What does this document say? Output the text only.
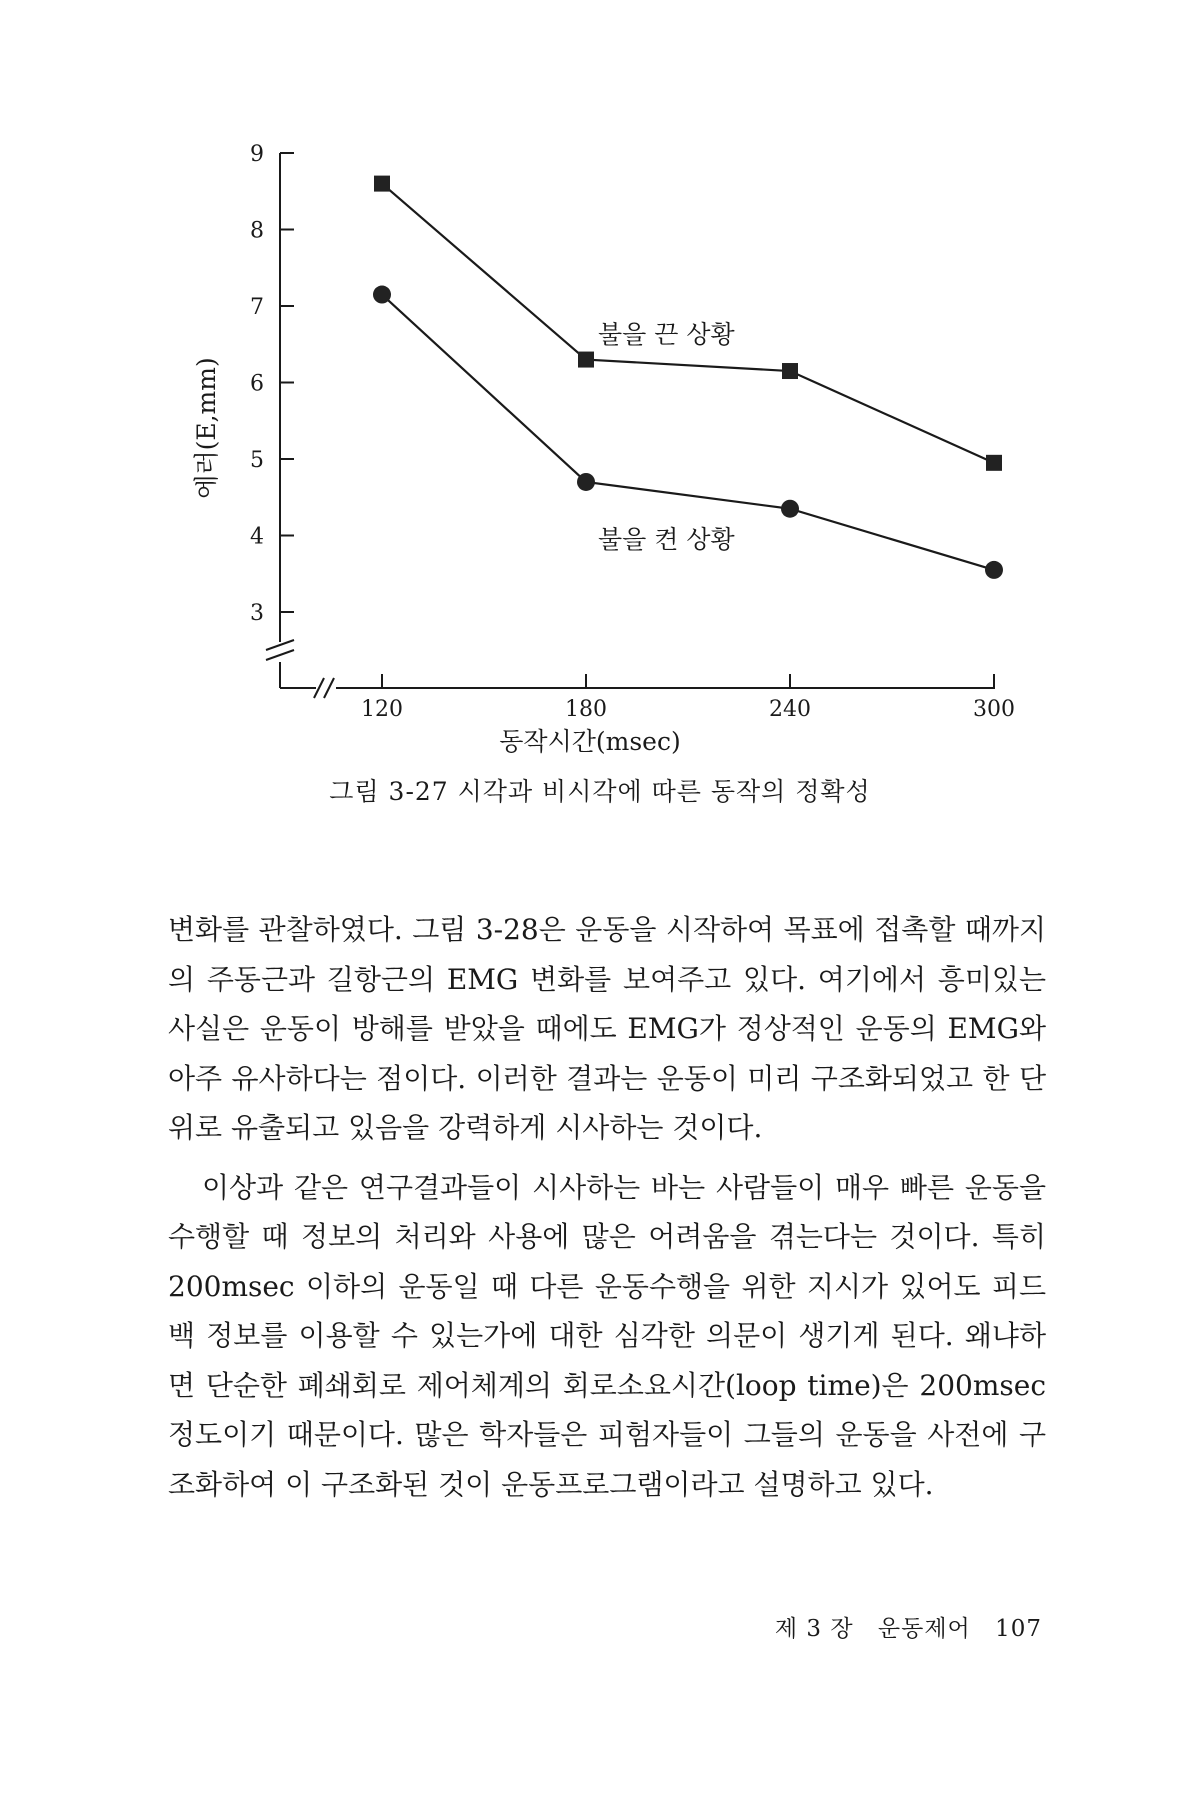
3
4
5
6
7
8
9
120	180	240	300
에러(E,mm)
동작시간(msec)
불을 끈 상황
불을 켠 상황
그림 3-27 시각과 비시각에 따른 동작의 정확성

변화를 관찰하였다. 그림 3-28은 운동을 시작하여 목표에 접촉할 때까지의 주동근과 길항근의 EMG 변화를 보여주고 있다. 여기에서 흥미있는 사실은 운동이 방해를 받았을 때에도 EMG가 정상적인 운동의 EMG와 아주 유사하다는 점이다. 이러한 결과는 운동이 미리 구조화되었고 한 단위로 유출되고 있음을 강력하게 시사하는 것이다.

이상과 같은 연구결과들이 시사하는 바는 사람들이 매우 빠른 운동을 수행할 때 정보의 처리와 사용에 많은 어려움을 겪는다는 것이다. 특히 200msec 이하의 운동일 때 다른 운동수행을 위한 지시가 있어도 피드백 정보를 이용할 수 있는가에 대한 심각한 의문이 생기게 된다. 왜냐하면 단순한 폐쇄회로 제어체계의 회로소요시간(loop time)은 200msec 정도이기 때문이다. 많은 학자들은 피험자들이 그들의 운동을 사전에 구조화하여 이 구조화된 것이 운동프로그램이라고 설명하고 있다.

제 3 장 운동제어 107
